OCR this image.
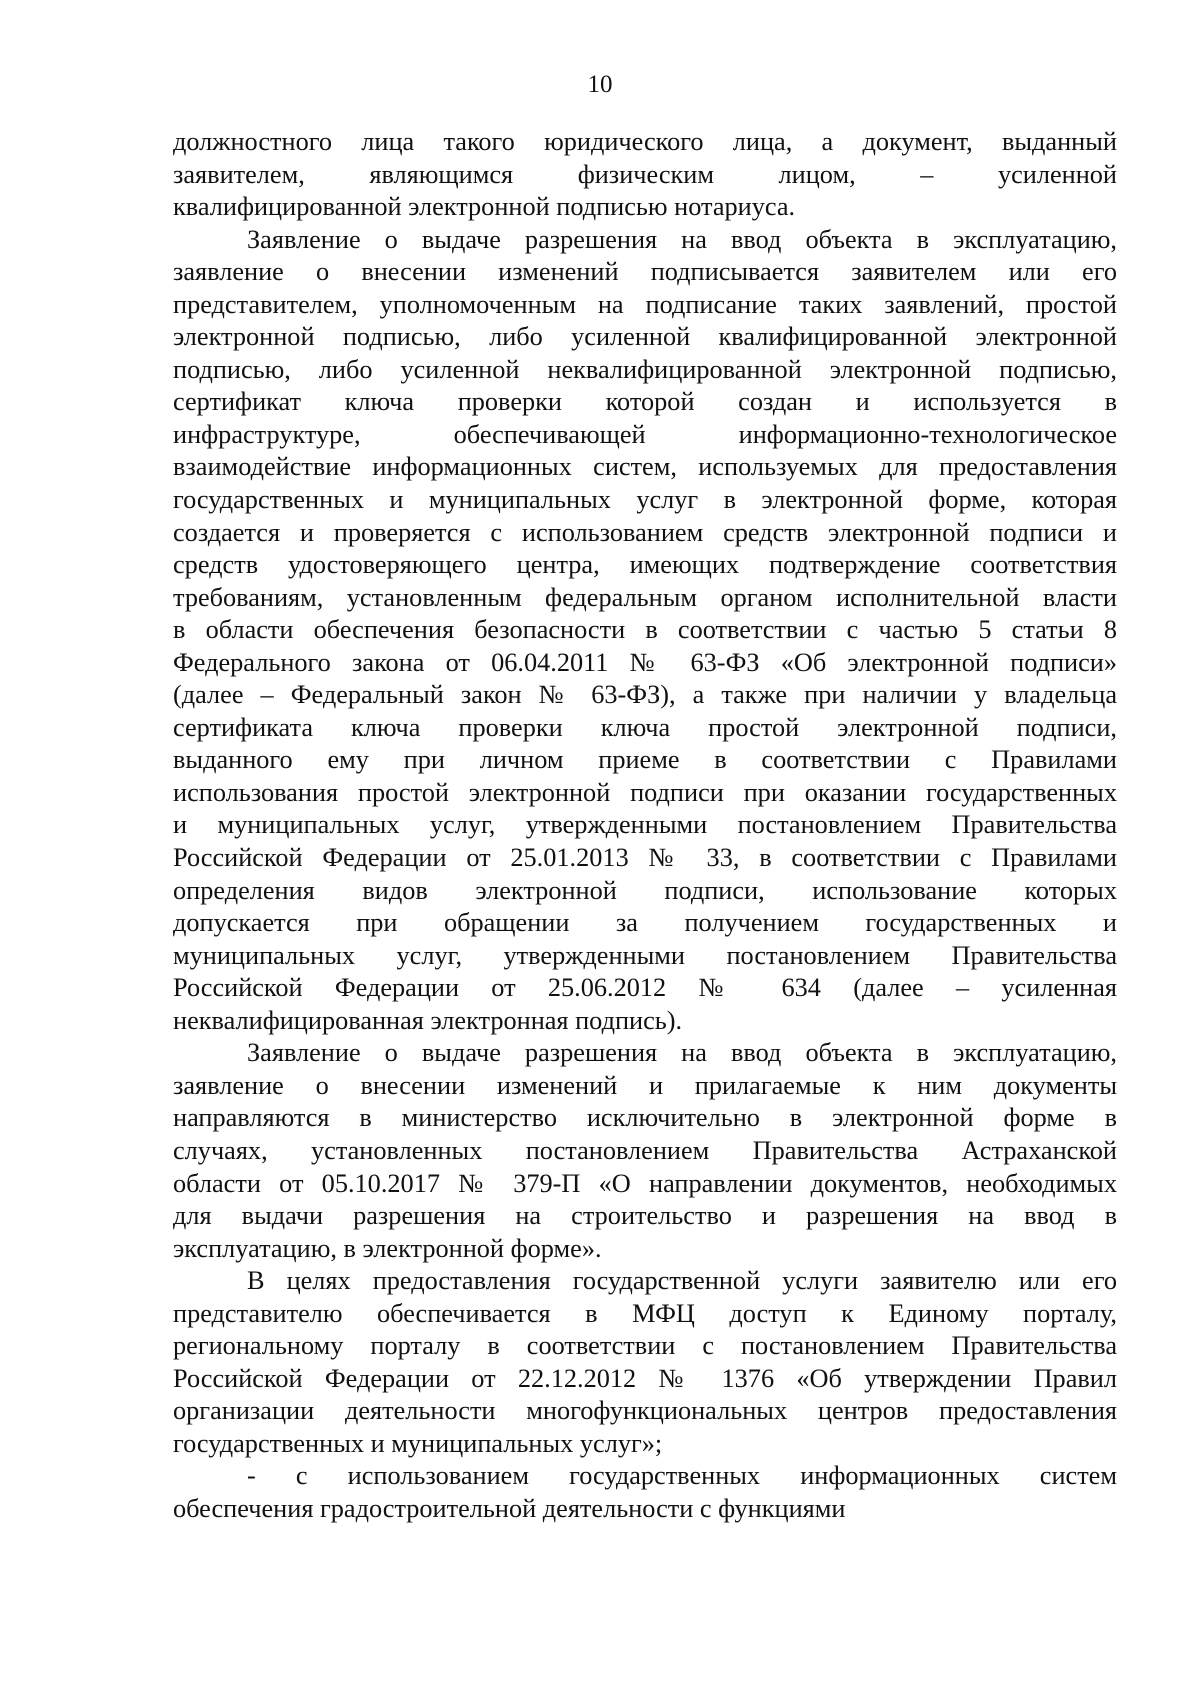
10
должностного лица такого юридического лица, а документ, выданный
заявителем, являющимся физическим лицом, – усиленной
квалифицированной электронной подписью нотариуса.
Заявление о выдаче разрешения на ввод объекта в эксплуатацию,
заявление о внесении изменений подписывается заявителем или его
представителем, уполномоченным на подписание таких заявлений, простой
электронной подписью, либо усиленной квалифицированной электронной
подписью, либо усиленной неквалифицированной электронной подписью,
сертификат ключа проверки которой создан и используется в
инфраструктуре, обеспечивающей информационно-технологическое
взаимодействие информационных систем, используемых для предоставления
государственных и муниципальных услуг в электронной форме, которая
создается и проверяется с использованием средств электронной подписи и
средств удостоверяющего центра, имеющих подтверждение соответствия
требованиям, установленным федеральным органом исполнительной власти
в области обеспечения безопасности в соответствии с частью 5 статьи 8
Федерального закона от 06.04.2011 № 63-ФЗ «Об электронной подписи»
(далее – Федеральный закон № 63-ФЗ), а также при наличии у владельца
сертификата ключа проверки ключа простой электронной подписи,
выданного ему при личном приеме в соответствии с Правилами
использования простой электронной подписи при оказании государственных
и муниципальных услуг, утвержденными постановлением Правительства
Российской Федерации от 25.01.2013 № 33, в соответствии с Правилами
определения видов электронной подписи, использование которых
допускается при обращении за получением государственных и
муниципальных услуг, утвержденными постановлением Правительства
Российской Федерации от 25.06.2012 № 634 (далее – усиленная
неквалифицированная электронная подпись).
Заявление о выдаче разрешения на ввод объекта в эксплуатацию,
заявление о внесении изменений и прилагаемые к ним документы
направляются в министерство исключительно в электронной форме в
случаях, установленных постановлением Правительства Астраханской
области от 05.10.2017 № 379-П «О направлении документов, необходимых
для выдачи разрешения на строительство и разрешения на ввод в
эксплуатацию, в электронной форме».
В целях предоставления государственной услуги заявителю или его
представителю обеспечивается в МФЦ доступ к Единому порталу,
региональному порталу в соответствии с постановлением Правительства
Российской Федерации от 22.12.2012 № 1376 «Об утверждении Правил
организации деятельности многофункциональных центров предоставления
государственных и муниципальных услуг»;
- с использованием государственных информационных систем
обеспечения градостроительной деятельности с функциями
